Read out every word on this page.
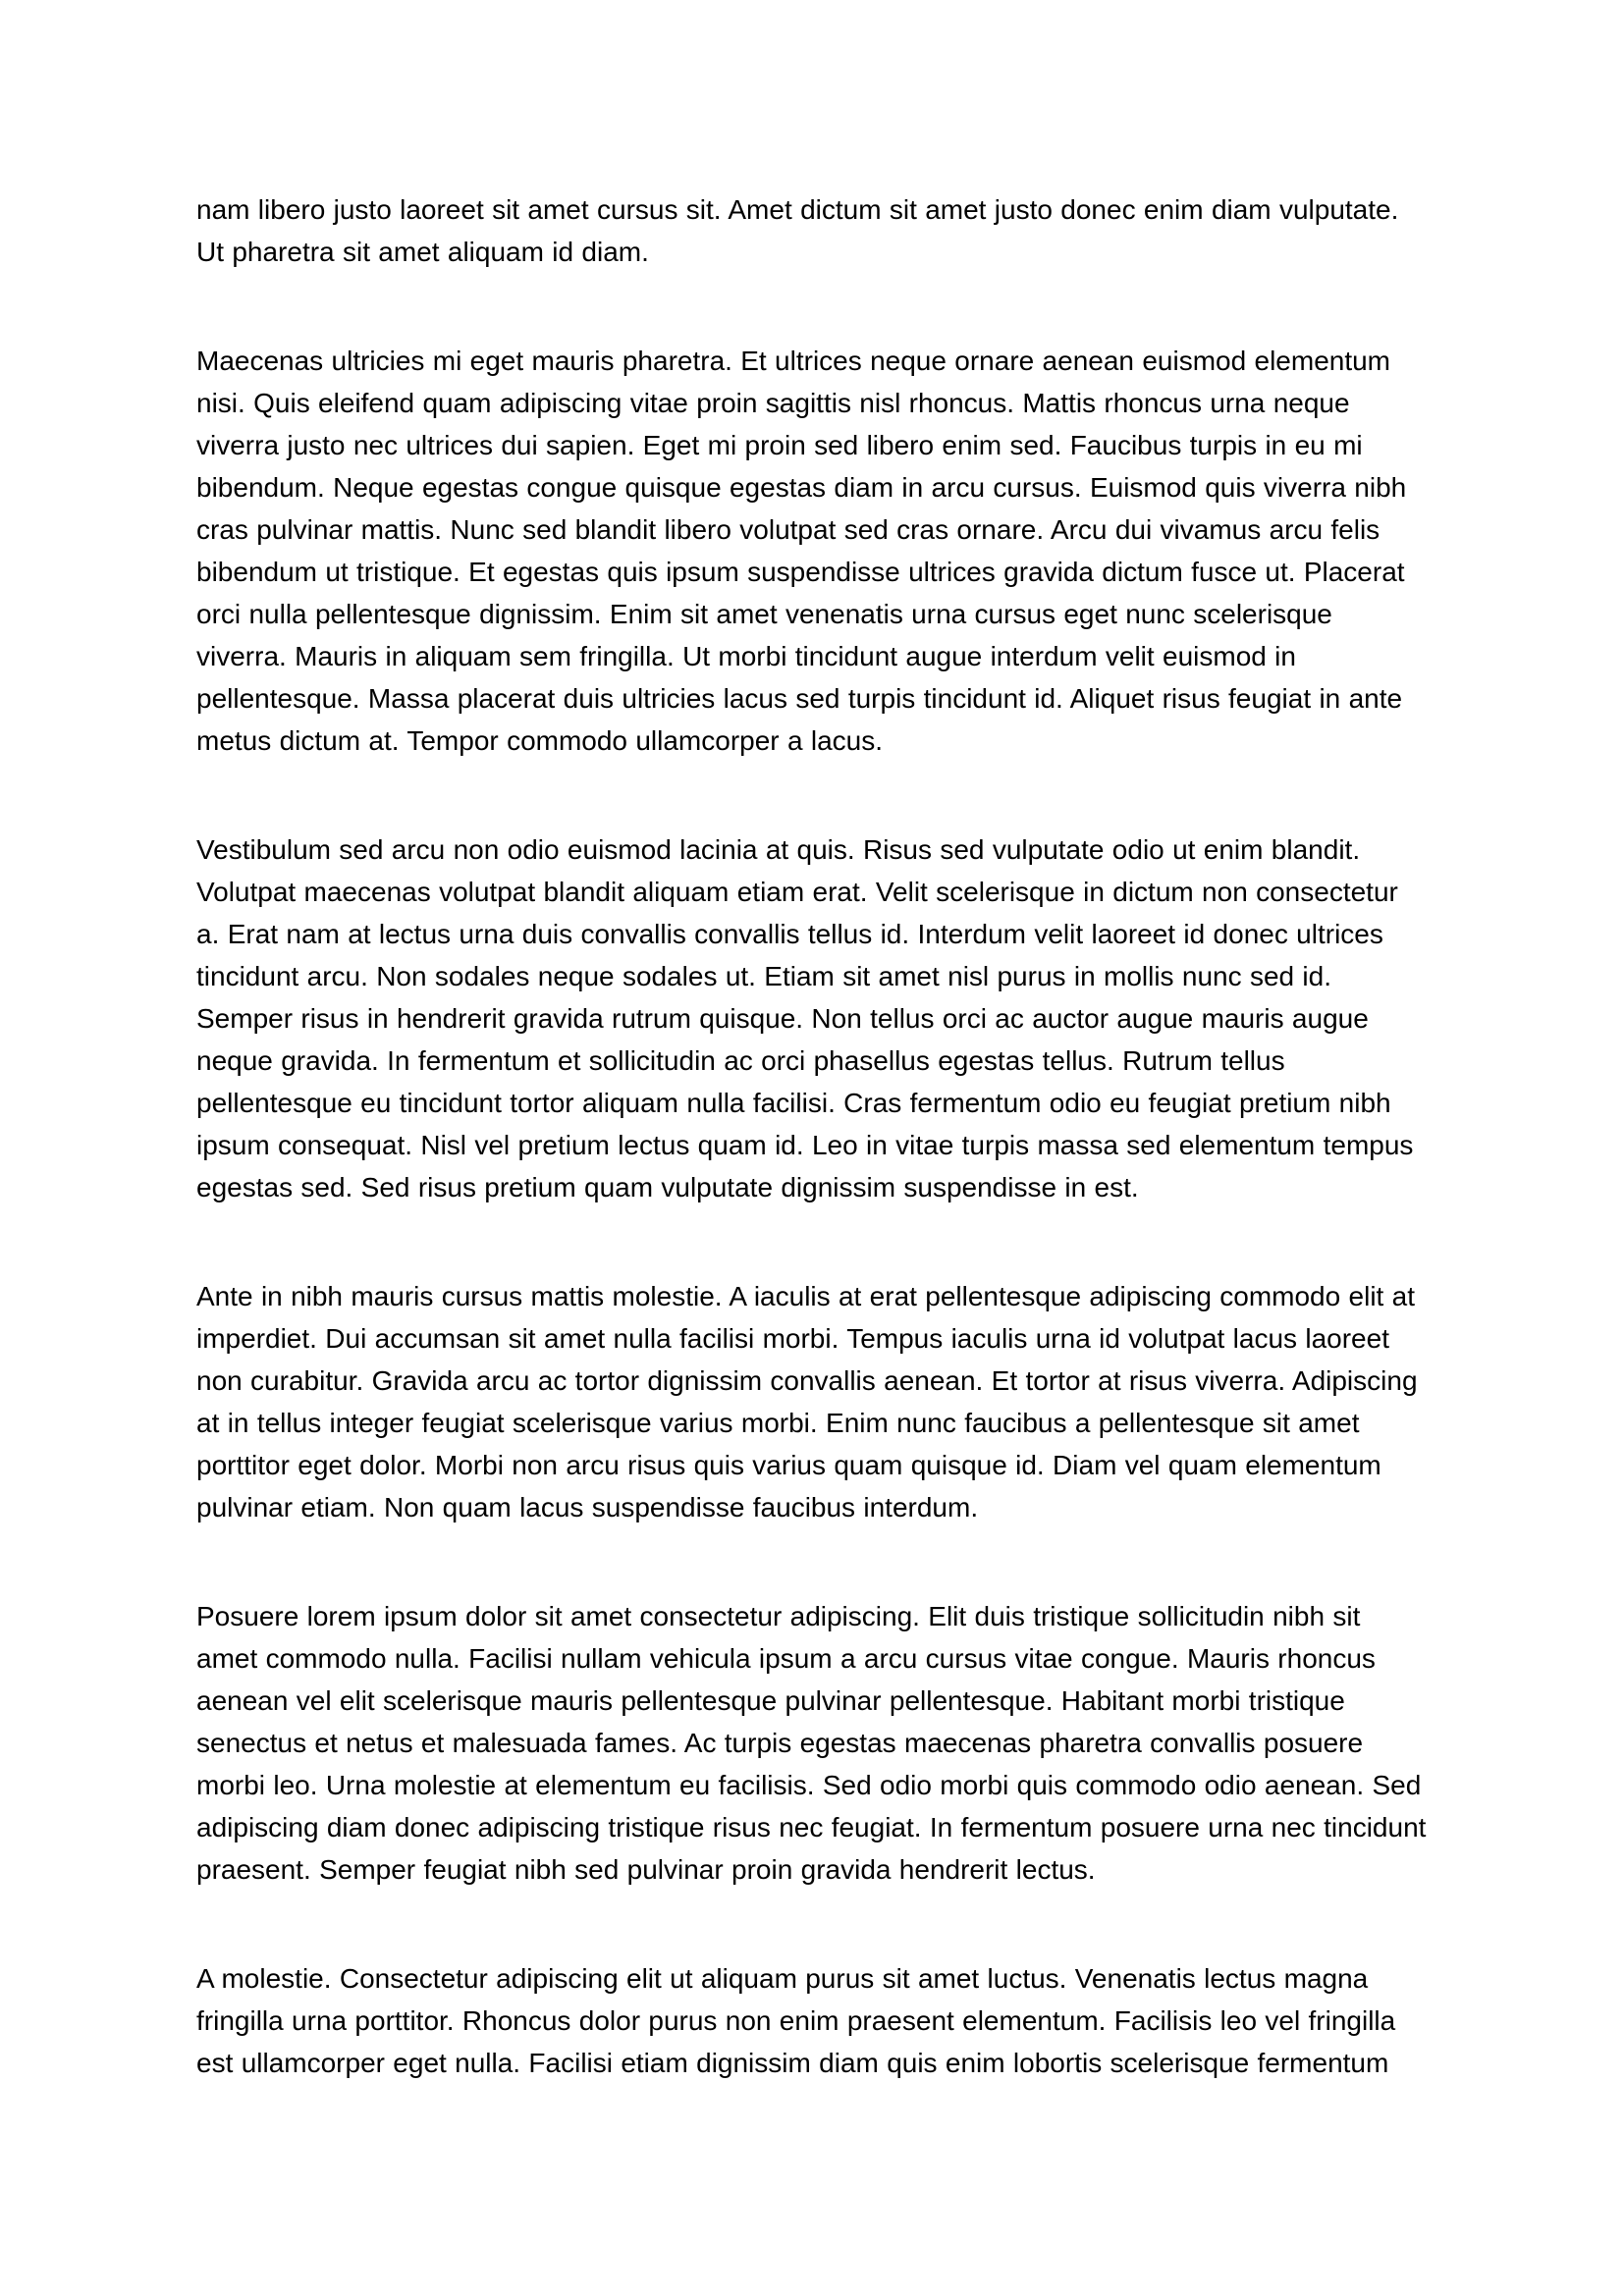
nam libero justo laoreet sit amet cursus sit. Amet dictum sit amet justo donec enim diam vulputate. Ut pharetra sit amet aliquam id diam.

Maecenas ultricies mi eget mauris pharetra. Et ultrices neque ornare aenean euismod elementum nisi. Quis eleifend quam adipiscing vitae proin sagittis nisl rhoncus. Mattis rhoncus urna neque viverra justo nec ultrices dui sapien. Eget mi proin sed libero enim sed. Faucibus turpis in eu mi bibendum. Neque egestas congue quisque egestas diam in arcu cursus. Euismod quis viverra nibh cras pulvinar mattis. Nunc sed blandit libero volutpat sed cras ornare. Arcu dui vivamus arcu felis bibendum ut tristique. Et egestas quis ipsum suspendisse ultrices gravida dictum fusce ut. Placerat orci nulla pellentesque dignissim. Enim sit amet venenatis urna cursus eget nunc scelerisque viverra. Mauris in aliquam sem fringilla. Ut morbi tincidunt augue interdum velit euismod in pellentesque. Massa placerat duis ultricies lacus sed turpis tincidunt id. Aliquet risus feugiat in ante metus dictum at. Tempor commodo ullamcorper a lacus.

Vestibulum sed arcu non odio euismod lacinia at quis. Risus sed vulputate odio ut enim blandit. Volutpat maecenas volutpat blandit aliquam etiam erat. Velit scelerisque in dictum non consectetur a. Erat nam at lectus urna duis convallis convallis tellus id. Interdum velit laoreet id donec ultrices tincidunt arcu. Non sodales neque sodales ut. Etiam sit amet nisl purus in mollis nunc sed id. Semper risus in hendrerit gravida rutrum quisque. Non tellus orci ac auctor augue mauris augue neque gravida. In fermentum et sollicitudin ac orci phasellus egestas tellus. Rutrum tellus pellentesque eu tincidunt tortor aliquam nulla facilisi. Cras fermentum odio eu feugiat pretium nibh ipsum consequat. Nisl vel pretium lectus quam id. Leo in vitae turpis massa sed elementum tempus egestas sed. Sed risus pretium quam vulputate dignissim suspendisse in est.

Ante in nibh mauris cursus mattis molestie. A iaculis at erat pellentesque adipiscing commodo elit at imperdiet. Dui accumsan sit amet nulla facilisi morbi. Tempus iaculis urna id volutpat lacus laoreet non curabitur. Gravida arcu ac tortor dignissim convallis aenean. Et tortor at risus viverra. Adipiscing at in tellus integer feugiat scelerisque varius morbi. Enim nunc faucibus a pellentesque sit amet porttitor eget dolor. Morbi non arcu risus quis varius quam quisque id. Diam vel quam elementum pulvinar etiam. Non quam lacus suspendisse faucibus interdum.

Posuere lorem ipsum dolor sit amet consectetur adipiscing. Elit duis tristique sollicitudin nibh sit amet commodo nulla. Facilisi nullam vehicula ipsum a arcu cursus vitae congue. Mauris rhoncus aenean vel elit scelerisque mauris pellentesque pulvinar pellentesque. Habitant morbi tristique senectus et netus et malesuada fames. Ac turpis egestas maecenas pharetra convallis posuere morbi leo. Urna molestie at elementum eu facilisis. Sed odio morbi quis commodo odio aenean. Sed adipiscing diam donec adipiscing tristique risus nec feugiat. In fermentum posuere urna nec tincidunt praesent. Semper feugiat nibh sed pulvinar proin gravida hendrerit lectus.

A molestie. Consectetur adipiscing elit ut aliquam purus sit amet luctus. Venenatis lectus magna fringilla urna porttitor. Rhoncus dolor purus non enim praesent elementum. Facilisis leo vel fringilla est ullamcorper eget nulla. Facilisi etiam dignissim diam quis enim lobortis scelerisque fermentum
